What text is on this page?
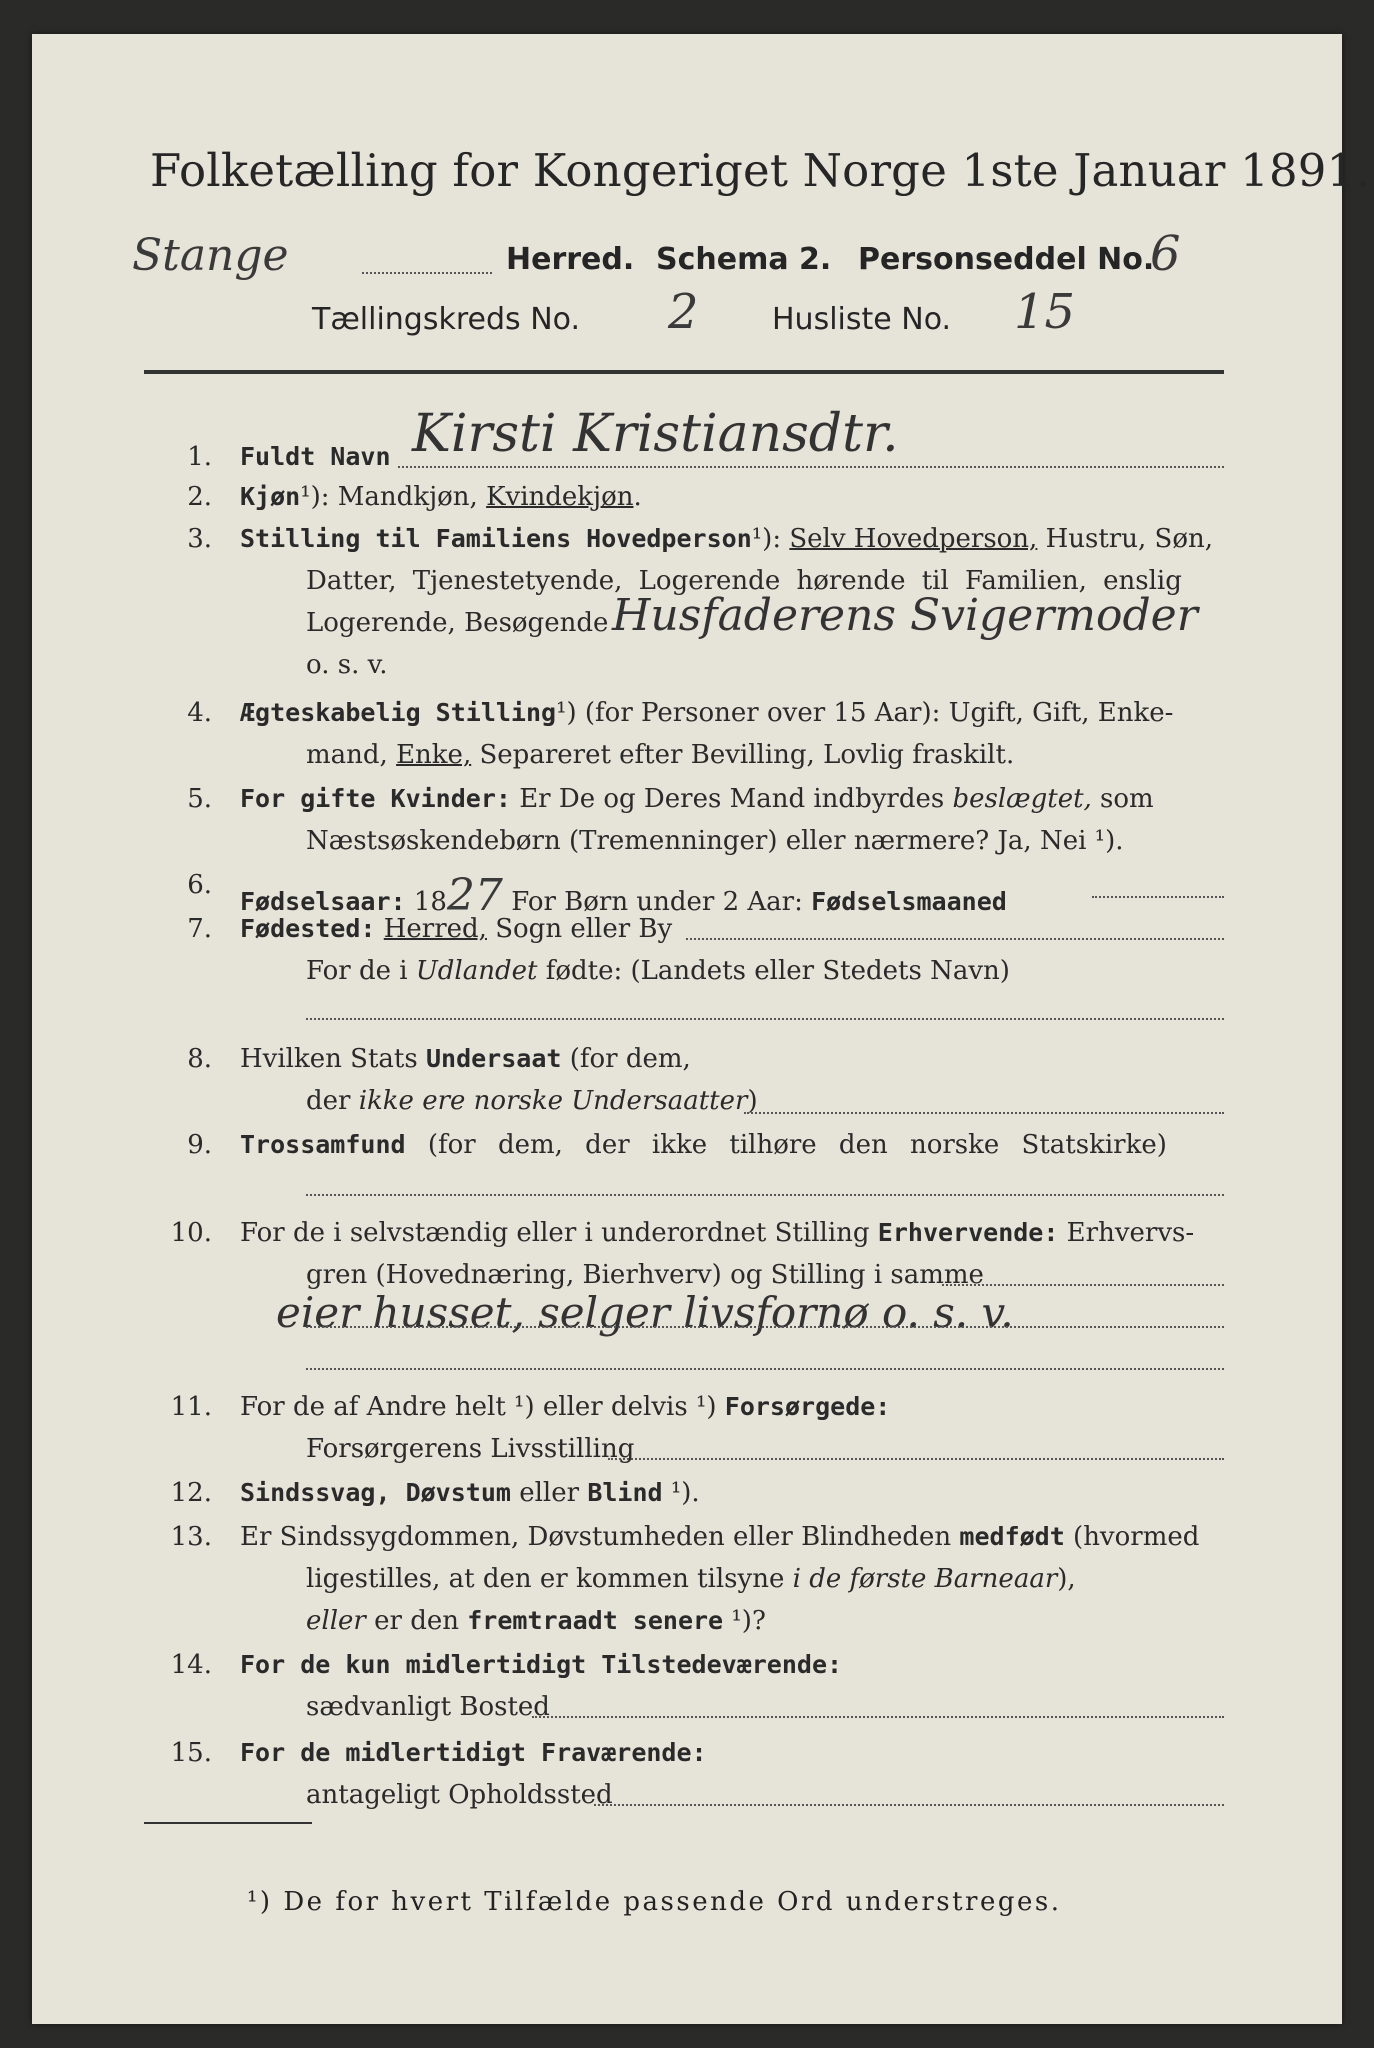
Folketælling for Kongeriget Norge 1ste Januar 1891.
Stange	Herred. Schema 2. Personseddel No.
6
Tællingskreds No. 2 Husliste No. 15
1. Fuldt Navn Kirsti Kristiansdtr.
2. Kjøn¹): Mandkjøn, Kvindekjøn.
3. Stilling til Familiens Hovedperson¹): Selv Hovedperson, Hustru, Søn,
Datter, Tjenestetyende, Logerende hørende til Familien, enslig
Logerende, Besøgende Husfaderens Svigermoder
o. s. v.
4. Ægteskabelig Stilling¹) (for Personer over 15 Aar): Ugift, Gift, Enke-
mand, Enke, Separeret efter Bevilling, Lovlig fraskilt.
5. For gifte Kvinder: Er De og Deres Mand indbyrdes beslægtet, som
Næstsøskendebørn (Tremenninger) eller nærmere? Ja, Nei ¹).
6.
Fødselsaar: 1827 For Børn under 2 Aar: Fødselsmaaned
7. Fødested: Herred, Sogn eller By
For de i Udlandet fødte: (Landets eller Stedets Navn)
8. Hvilken Stats Undersaat (for dem,
der ikke ere norske Undersaatter)
9. Trossamfund (for dem, der ikke tilhøre den norske Statskirke)
10. For de i selvstændig eller i underordnet Stilling Erhvervende: Erhvervs-
gren (Hovednæring, Bierhverv) og Stilling i samme
eier husset, selger livsfornø o. s. v.
11. For de af Andre helt ¹) eller delvis ¹) Forsørgede:
Forsørgerens Livsstilling
12. Sindssvag, Døvstum eller Blind ¹).
13. Er Sindssygdommen, Døvstumheden eller Blindheden medfødt (hvormed
ligestilles, at den er kommen tilsyne i de første Barneaar),
eller er den fremtraadt senere ¹)?
14. For de kun midlertidigt Tilstedeværende:
sædvanligt Bosted
15. For de midlertidigt Fraværende:
antageligt Opholdssted
¹) De for hvert Tilfælde passende Ord understreges.
